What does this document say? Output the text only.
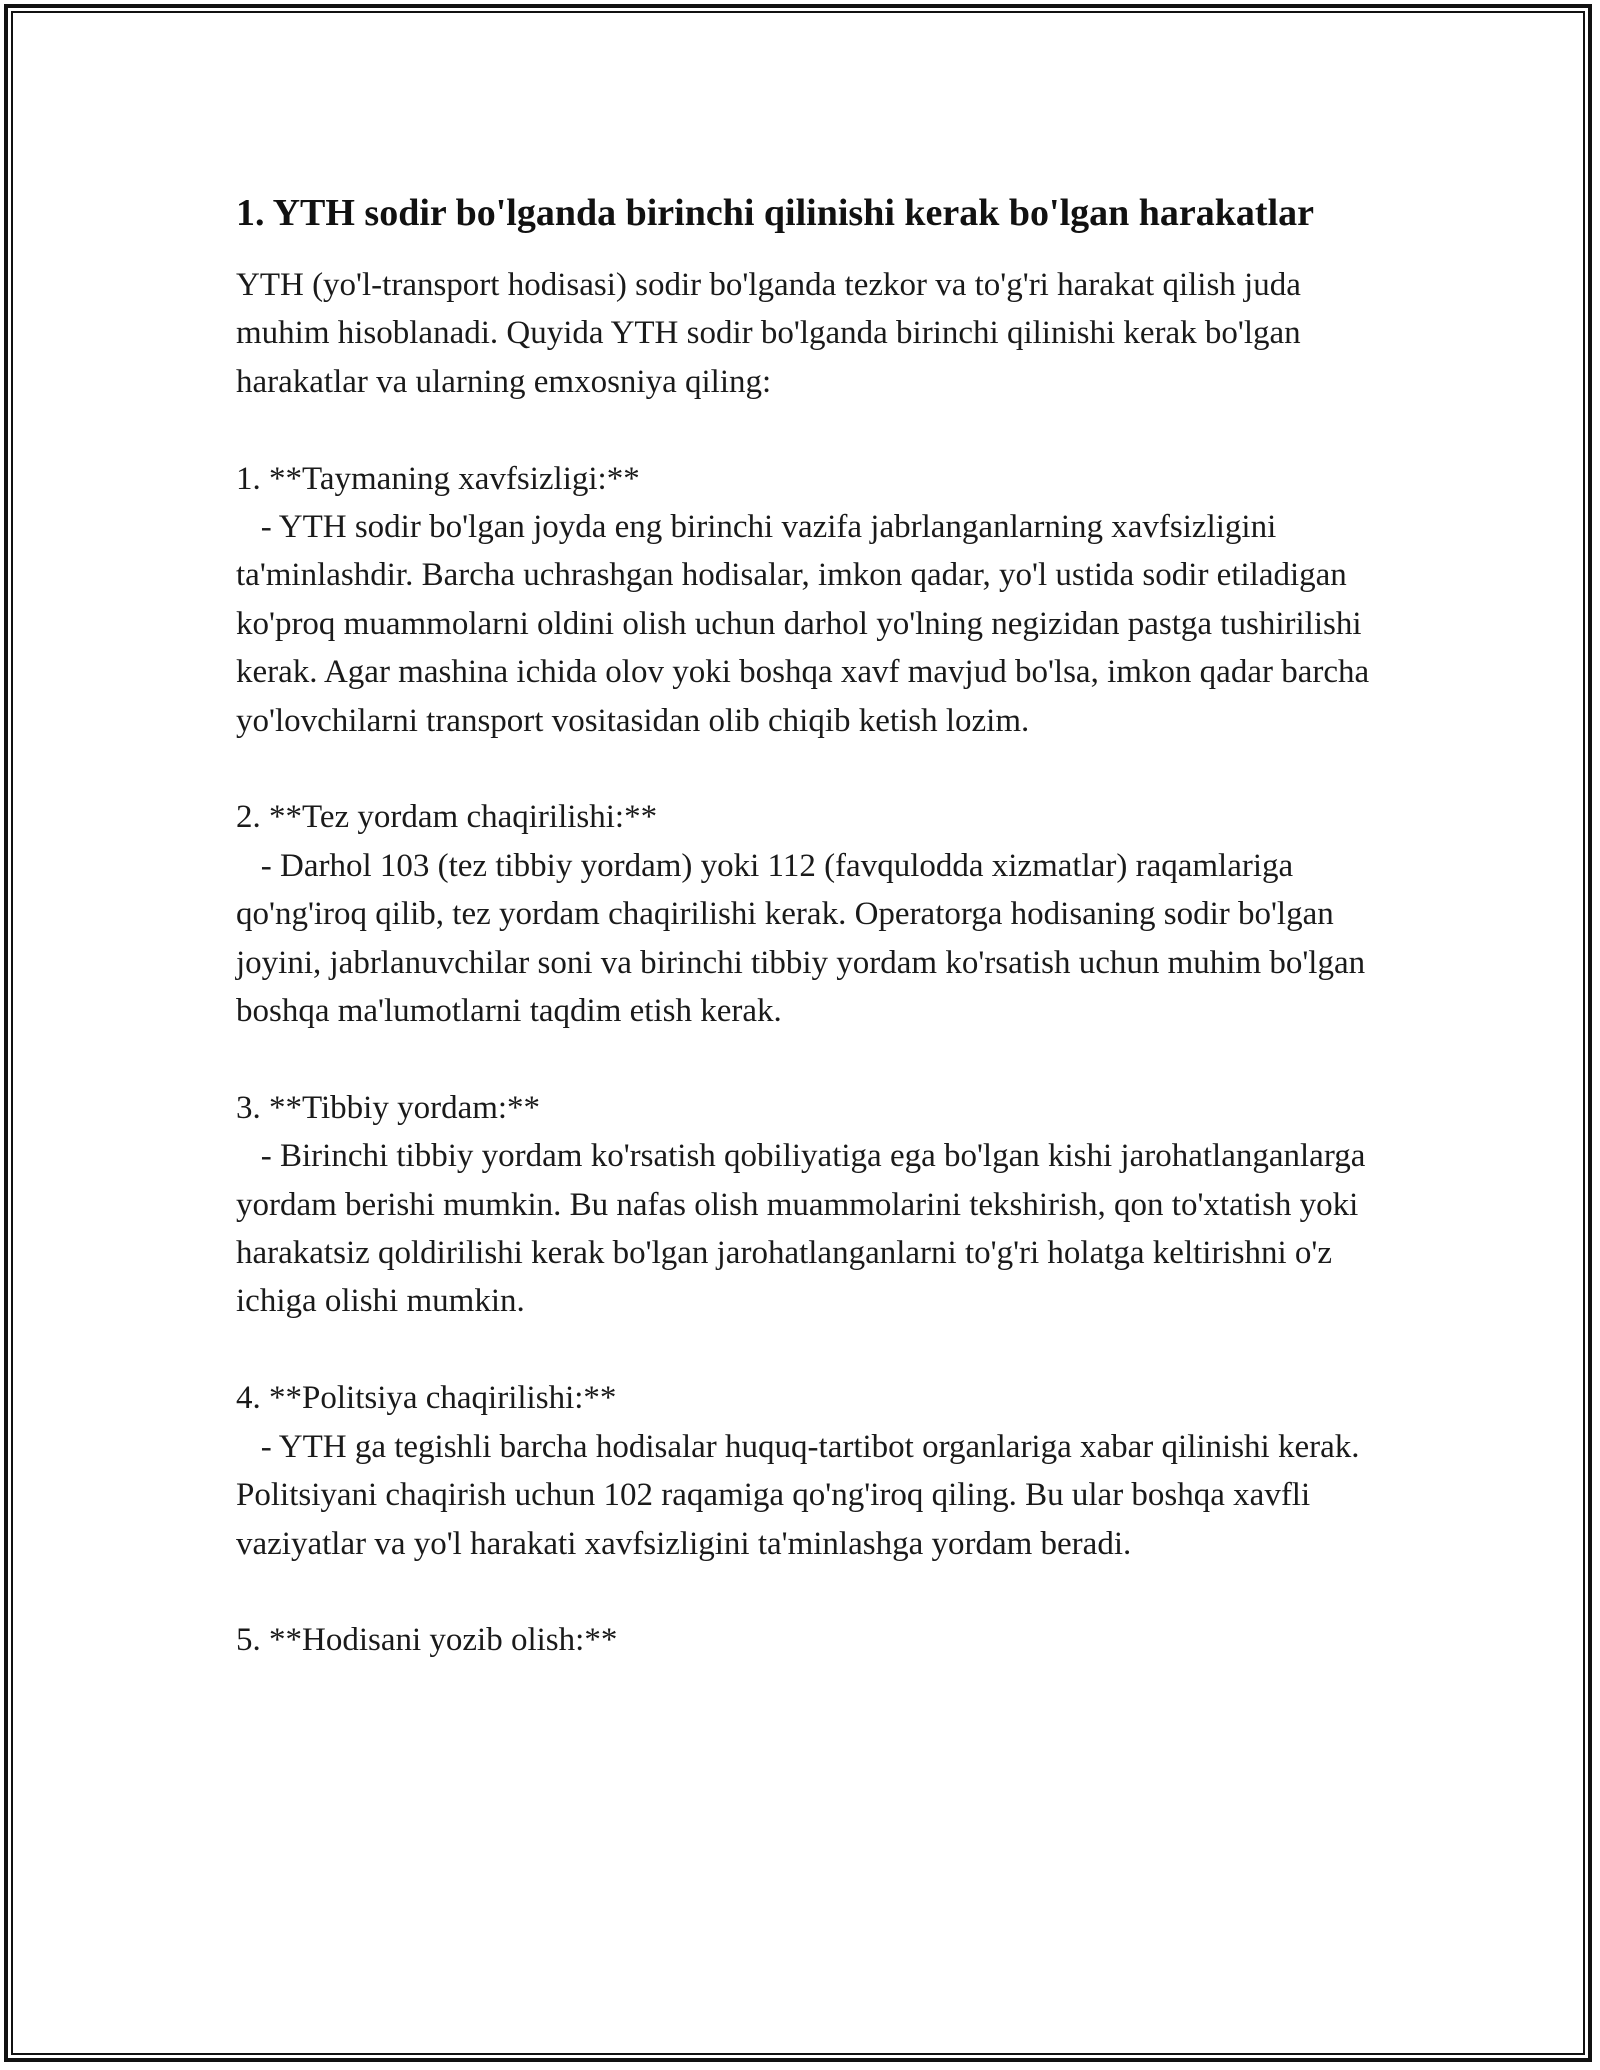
1. YTH sodir bo'lganda birinchi qilinishi kerak bo'lgan harakatlar

YTH (yo'l-transport hodisasi) sodir bo'lganda tezkor va to'g'ri harakat qilish juda muhim hisoblanadi. Quyida YTH sodir bo'lganda birinchi qilinishi kerak bo'lgan harakatlar va ularning emxosniya qiling:

1. **Taymaning xavfsizligi:**

- YTH sodir bo'lgan joyda eng birinchi vazifa jabrlanganlarning xavfsizligini ta'minlashdir. Barcha uchrashgan hodisalar, imkon qadar, yo'l ustida sodir etiladigan ko'proq muammolarni oldini olish uchun darhol yo'lning negizidan pastga tushirilishi kerak. Agar mashina ichida olov yoki boshqa xavf mavjud bo'lsa, imkon qadar barcha yo'lovchilarni transport vositasidan olib chiqib ketish lozim.

2. **Tez yordam chaqirilishi:**

- Darhol 103 (tez tibbiy yordam) yoki 112 (favqulodda xizmatlar) raqamlariga qo'ng'iroq qilib, tez yordam chaqirilishi kerak. Operatorga hodisaning sodir bo'lgan joyini, jabrlanuvchilar soni va birinchi tibbiy yordam ko'rsatish uchun muhim bo'lgan boshqa ma'lumotlarni taqdim etish kerak.

3. **Tibbiy yordam:**

- Birinchi tibbiy yordam ko'rsatish qobiliyatiga ega bo'lgan kishi jarohatlanganlarga yordam berishi mumkin. Bu nafas olish muammolarini tekshirish, qon to'xtatish yoki harakatsiz qoldirilishi kerak bo'lgan jarohatlanganlarni to'g'ri holatga keltirishni o'z ichiga olishi mumkin.

4. **Politsiya chaqirilishi:**

- YTH ga tegishli barcha hodisalar huquq-tartibot organlariga xabar qilinishi kerak. Politsiyani chaqirish uchun 102 raqamiga qo'ng'iroq qiling. Bu ular boshqa xavfli vaziyatlar va yo'l harakati xavfsizligini ta'minlashga yordam beradi.

5. **Hodisani yozib olish:**
